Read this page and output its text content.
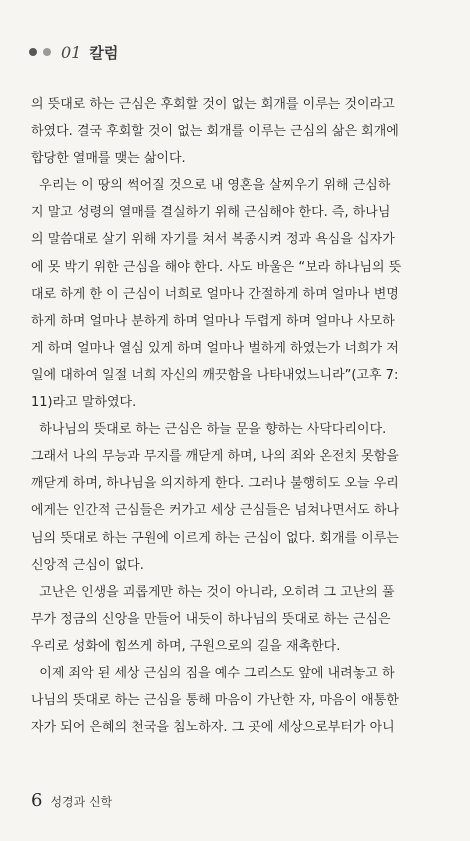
01 칼럼
의 뜻대로 하는 근심은 후회할 것이 없는 회개를 이루는 것이라고
하였다. 결국 후회할 것이 없는 회개를 이루는 근심의 삶은 회개에
합당한 열매를 맺는 삶이다.
우리는 이 땅의 썩어질 것으로 내 영혼을 살찌우기 위해 근심하
지 말고 성령의 열매를 결실하기 위해 근심해야 한다. 즉, 하나님
의 말씀대로 살기 위해 자기를 쳐서 복종시켜 정과 욕심을 십자가
에 못 박기 위한 근심을 해야 한다. 사도 바울은 “보라 하나님의 뜻
대로 하게 한 이 근심이 너희로 얼마나 간절하게 하며 얼마나 변명
하게 하며 얼마나 분하게 하며 얼마나 두렵게 하며 얼마나 사모하
게 하며 얼마나 열심 있게 하며 얼마나 벌하게 하였는가 너희가 저
일에 대하여 일절 너희 자신의 깨끗함을 나타내었느니라”(고후 7:
11)라고 말하였다.
하나님의 뜻대로 하는 근심은 하늘 문을 향하는 사닥다리이다.
그래서 나의 무능과 무지를 깨닫게 하며, 나의 죄와 온전치 못함을
깨닫게 하며, 하나님을 의지하게 한다. 그러나 불행히도 오늘 우리
에게는 인간적 근심들은 커가고 세상 근심들은 넘쳐나면서도 하나
님의 뜻대로 하는 구원에 이르게 하는 근심이 없다. 회개를 이루는
신앙적 근심이 없다.
고난은 인생을 괴롭게만 하는 것이 아니라, 오히려 그 고난의 풀
무가 정금의 신앙을 만들어 내듯이 하나님의 뜻대로 하는 근심은
우리로 성화에 힘쓰게 하며, 구원으로의 길을 재촉한다.
이제 죄악 된 세상 근심의 짐을 예수 그리스도 앞에 내려놓고 하
나님의 뜻대로 하는 근심을 통해 마음이 가난한 자, 마음이 애통한
자가 되어 은혜의 천국을 침노하자. 그 곳에 세상으로부터가 아니
6 성경과 신학
